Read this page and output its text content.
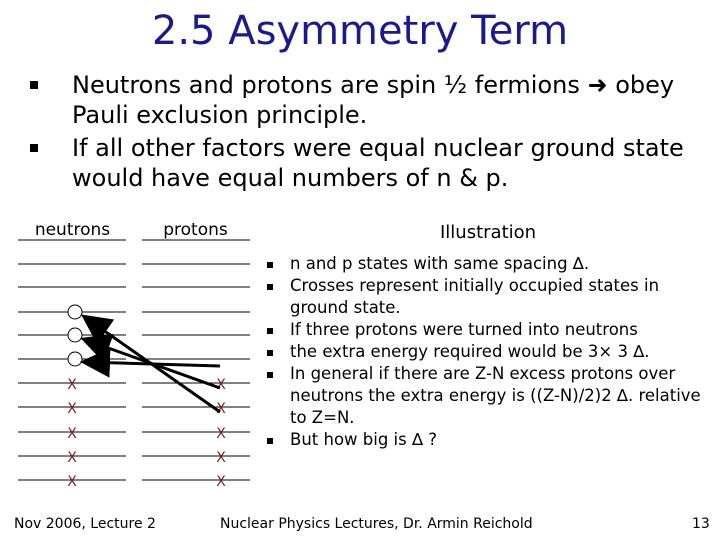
2.5 Asymmetry Term
Neutrons and protons are spin ½ fermions ➜ obey Pauli exclusion principle.
If all other factors were equal nuclear ground state would have equal numbers of n & p.
neutrons	protons	Illustration
X
X
X
X
X
X
X
X
X
X
n and p states with same spacing ∆.
Crosses represent initially occupied states in ground state.
If three protons were turned into neutrons
the extra energy required would be 3× 3 ∆.
In general if there are Z-N excess protons over neutrons the extra energy is ((Z-N)/2)2 ∆. relative to Z=N.
But how big is ∆ ?
Nov 2006, Lecture 2	Nuclear Physics Lectures, Dr. Armin Reichold	13
